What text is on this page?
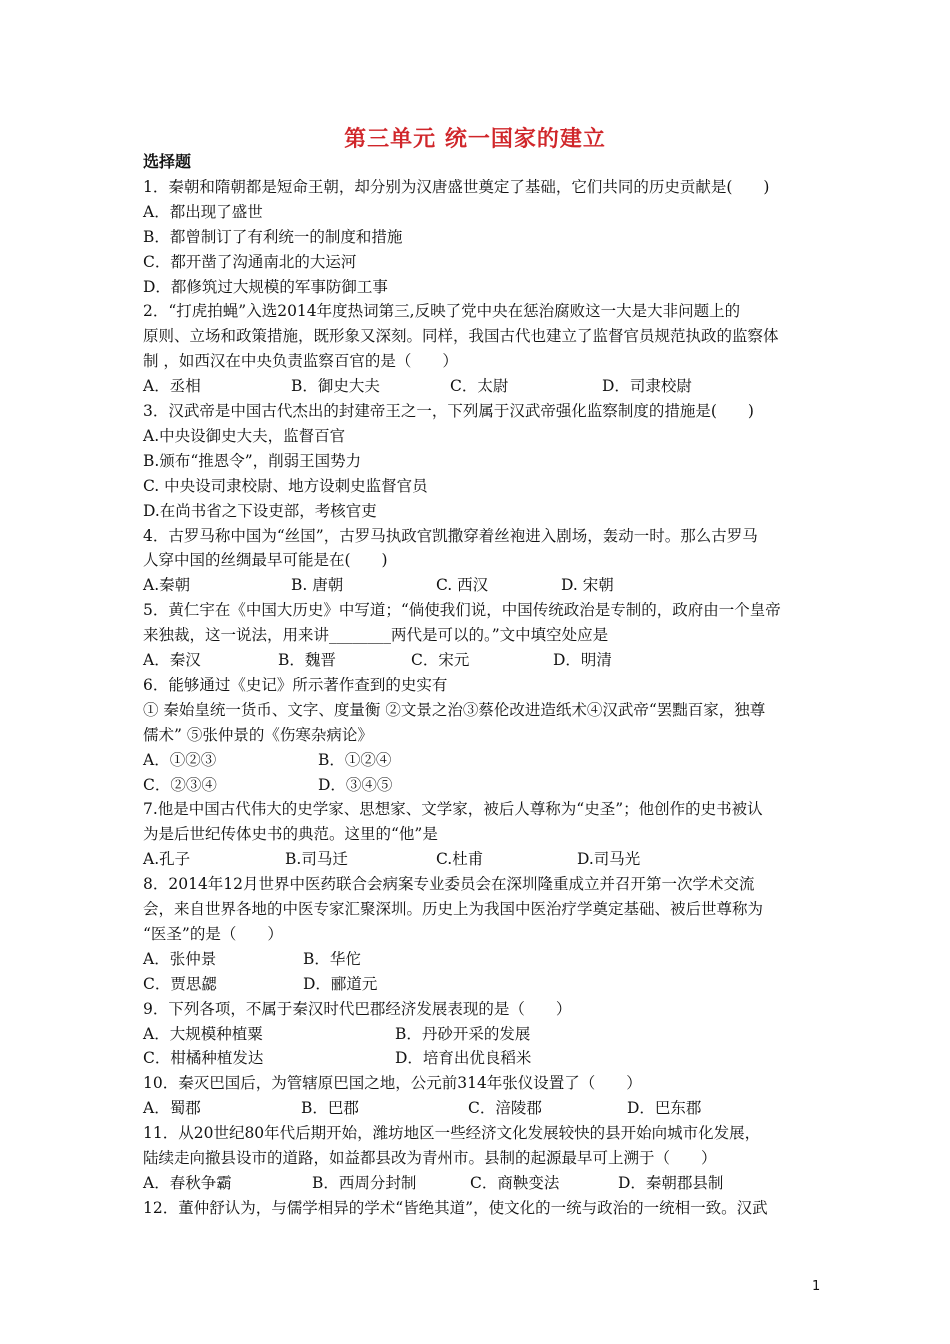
第三单元 统一国家的建立
选择题
1．秦朝和隋朝都是短命王朝，却分别为汉唐盛世奠定了基础，它们共同的历史贡献是(　　)
A．都出现了盛世
B．都曾制订了有利统一的制度和措施
C．都开凿了沟通南北的大运河
D．都修筑过大规模的军事防御工事
2．“打虎拍蝇”入选2014年度热词第三,反映了党中央在惩治腐败这一大是大非问题上的
原则、立场和政策措施，既形象又深刻。同样，我国古代也建立了监督官员规范执政的监察体
制 ，如西汉在中央负责监察百官的是（　　）
A．丞相	B．御史大夫	C．太尉	D．司隶校尉
3．汉武帝是中国古代杰出的封建帝王之一，下列属于汉武帝强化监察制度的措施是(　　)
A.中央设御史大夫，监督百官
B.颁布“推恩令”，削弱王国势力
C. 中央设司隶校尉、地方设刺史监督官员
D.在尚书省之下设吏部，考核官吏
4．古罗马称中国为“丝国”，古罗马执政官凯撒穿着丝袍进入剧场，轰动一时。那么古罗马
人穿中国的丝绸最早可能是在(　　)
A.秦朝	B. 唐朝	C. 西汉	D. 宋朝
5．黄仁宇在《中国大历史》中写道；“倘使我们说，中国传统政治是专制的，政府由一个皇帝
来独裁，这一说法，用来讲________两代是可以的。”文中填空处应是
A．秦汉	B．魏晋	C．宋元	D．明清
6．能够通过《史记》所示著作查到的史实有
① 秦始皇统一货币、文字、度量衡 ②文景之治③蔡伦改进造纸术④汉武帝“罢黜百家，独尊
儒术” ⑤张仲景的《伤寒杂病论》
A．①②③	B．①②④
C．②③④	D．③④⑤
7.他是中国古代伟大的史学家、思想家、文学家，被后人尊称为“史圣”；他创作的史书被认
为是后世纪传体史书的典范。这里的“他”是
A.孔子	B.司马迁	C.杜甫	D.司马光
8．2014年12月世界中医药联合会病案专业委员会在深圳隆重成立并召开第一次学术交流
会，来自世界各地的中医专家汇聚深圳。历史上为我国中医治疗学奠定基础、被后世尊称为
“医圣”的是（　　）
A．张仲景	B．华佗
C．贾思勰	D．郦道元
9．下列各项，不属于秦汉时代巴郡经济发展表现的是（　　）
A．大规模种植粟	B．丹砂开采的发展
C．柑橘种植发达	D．培育出优良稻米
10．秦灭巴国后，为管辖原巴国之地，公元前314年张仪设置了（　　）
A．蜀郡	B．巴郡	C．涪陵郡	D．巴东郡
11．从20世纪80年代后期开始，潍坊地区一些经济文化发展较快的县开始向城市化发展，
陆续走向撤县设市的道路，如益都县改为青州市。县制的起源最早可上溯于（　　）
A．春秋争霸	B．西周分封制	C．商鞅变法	D．秦朝郡县制
12．董仲舒认为，与儒学相异的学术“皆绝其道”，使文化的一统与政治的一统相一致。汉武
1
